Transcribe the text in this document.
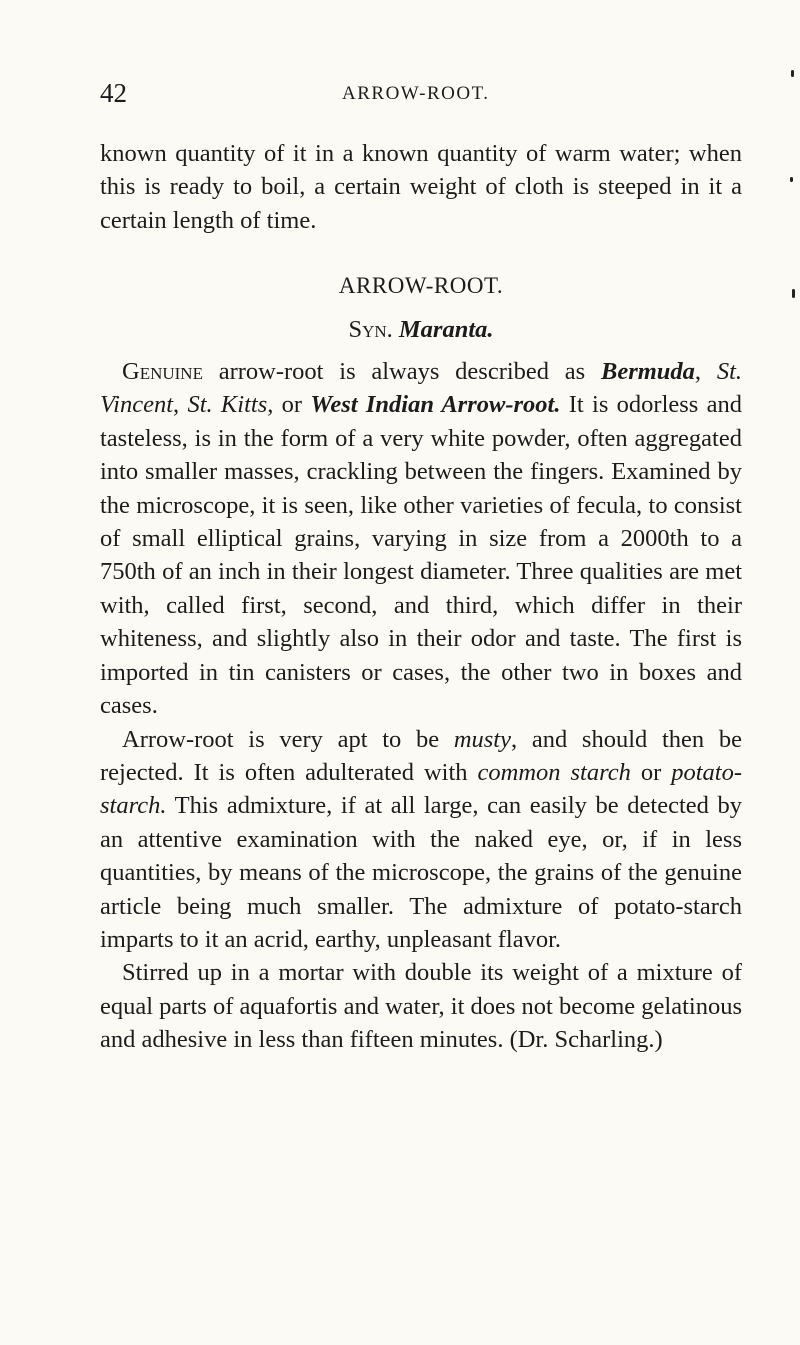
42	ARROW-ROOT.

known quantity of it in a known quantity of warm water; when this is ready to boil, a certain weight of cloth is steeped in it a certain length of time.

ARROW-ROOT.

Syn. Maranta.

Genuine arrow-root is always described as Bermuda, St. Vincent, St. Kitts, or West Indian Arrow-root. It is odorless and tasteless, is in the form of a very white powder, often aggregated into smaller masses, crackling between the fingers. Examined by the microscope, it is seen, like other varieties of fecula, to consist of small elliptical grains, varying in size from a 2000th to a 750th of an inch in their longest diameter. Three qualities are met with, called first, second, and third, which differ in their whiteness, and slightly also in their odor and taste. The first is imported in tin canisters or cases, the other two in boxes and cases.

Arrow-root is very apt to be musty, and should then be rejected. It is often adulterated with common starch or potato-starch. This admixture, if at all large, can easily be detected by an attentive examination with the naked eye, or, if in less quantities, by means of the microscope, the grains of the genuine article being much smaller. The admixture of potato-starch imparts to it an acrid, earthy, unpleasant flavor.

Stirred up in a mortar with double its weight of a mixture of equal parts of aquafortis and water, it does not become gelatinous and adhesive in less than fifteen minutes. (Dr. Scharling.)
